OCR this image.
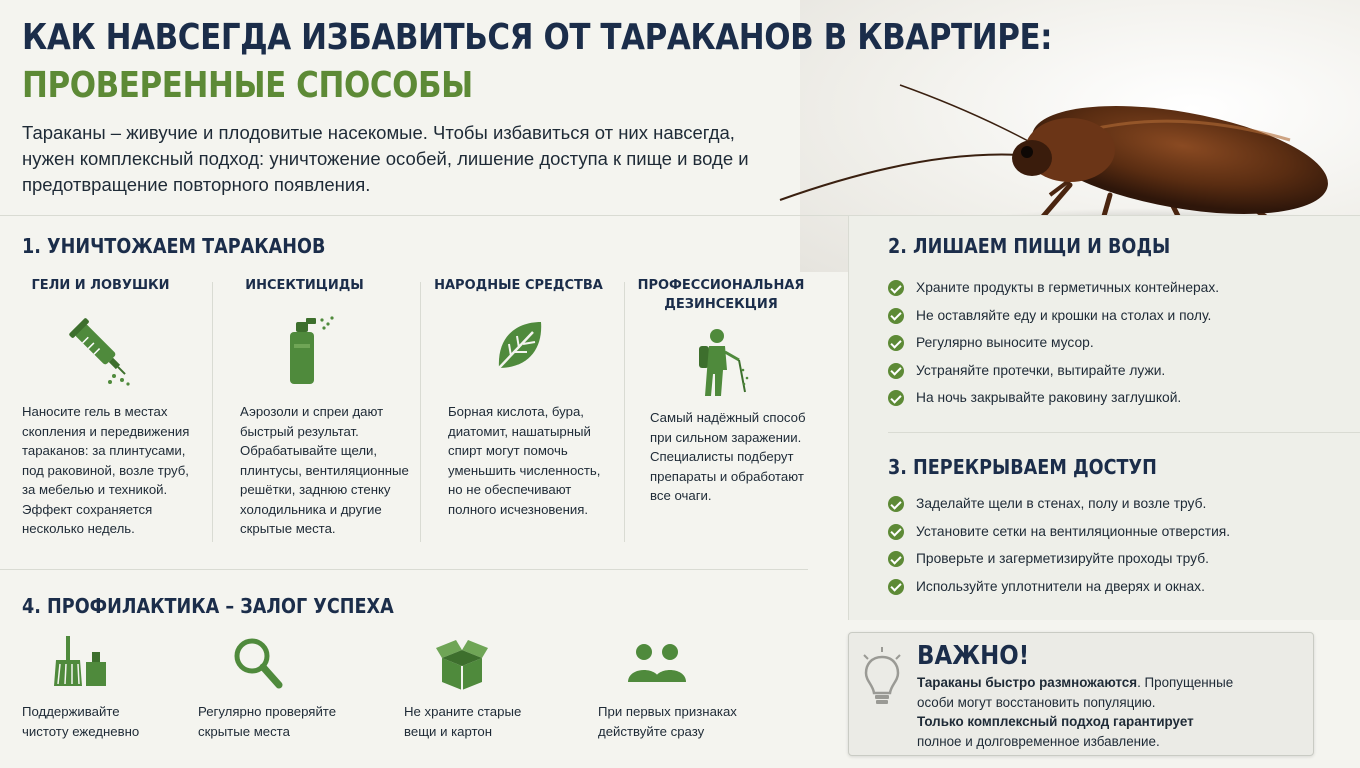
КАК НАВСЕГДА ИЗБАВИТЬСЯ ОТ ТАРАКАНОВ В КВАРТИРЕ:
ПРОВЕРЕННЫЕ СПОСОБЫ

Тараканы – живучие и плодовитые насекомые. Чтобы избавиться от них навсегда, нужен комплексный подход: уничтожение особей, лишение доступа к пище и воде и предотвращение повторного появления.

1. УНИЧТОЖАЕМ ТАРАКАНОВ
ГЕЛИ И ЛОВУШКИ
Наносите гель в местах скопления и передвижения тараканов: за плинтусами, под раковиной, возле труб, за мебелью и техникой. Эффект сохраняется несколько недель.
ИНСЕКТИЦИДЫ
Аэрозоли и спреи дают быстрый результат. Обрабатывайте щели, плинтусы, вентиляционные решётки, заднюю стенку холодильника и другие скрытые места.
НАРОДНЫЕ СРЕДСТВА
Борная кислота, бура, диатомит, нашатырный спирт могут помочь уменьшить численность, но не обеспечивают полного исчезновения.
ПРОФЕССИОНАЛЬНАЯ ДЕЗИНСЕКЦИЯ
Самый надёжный способ при сильном заражении. Специалисты подберут препараты и обработают все очаги.
2. ЛИШАЕМ ПИЩИ И ВОДЫ
Храните продукты в герметичных контейнерах.
Не оставляйте еду и крошки на столах и полу.
Регулярно выносите мусор.
Устраняйте протечки, вытирайте лужи.
На ночь закрывайте раковину заглушкой.
3. ПЕРЕКРЫВАЕМ ДОСТУП
Заделайте щели в стенах, полу и возле труб.
Установите сетки на вентиляционные отверстия.
Проверьте и загерметизируйте проходы труб.
Используйте уплотнители на дверях и окнах.
4. ПРОФИЛАКТИКА – ЗАЛОГ УСПЕХА
Поддерживайте
чистоту ежедневно
Регулярно проверяйте
скрытые места
Не храните старые
вещи и картон
При первых признаках
действуйте сразу
ВАЖНО!
Тараканы быстро размножаются. Пропущенные особи могут восстановить популяцию.
Только комплексный подход гарантирует
полное и долговременное избавление.
